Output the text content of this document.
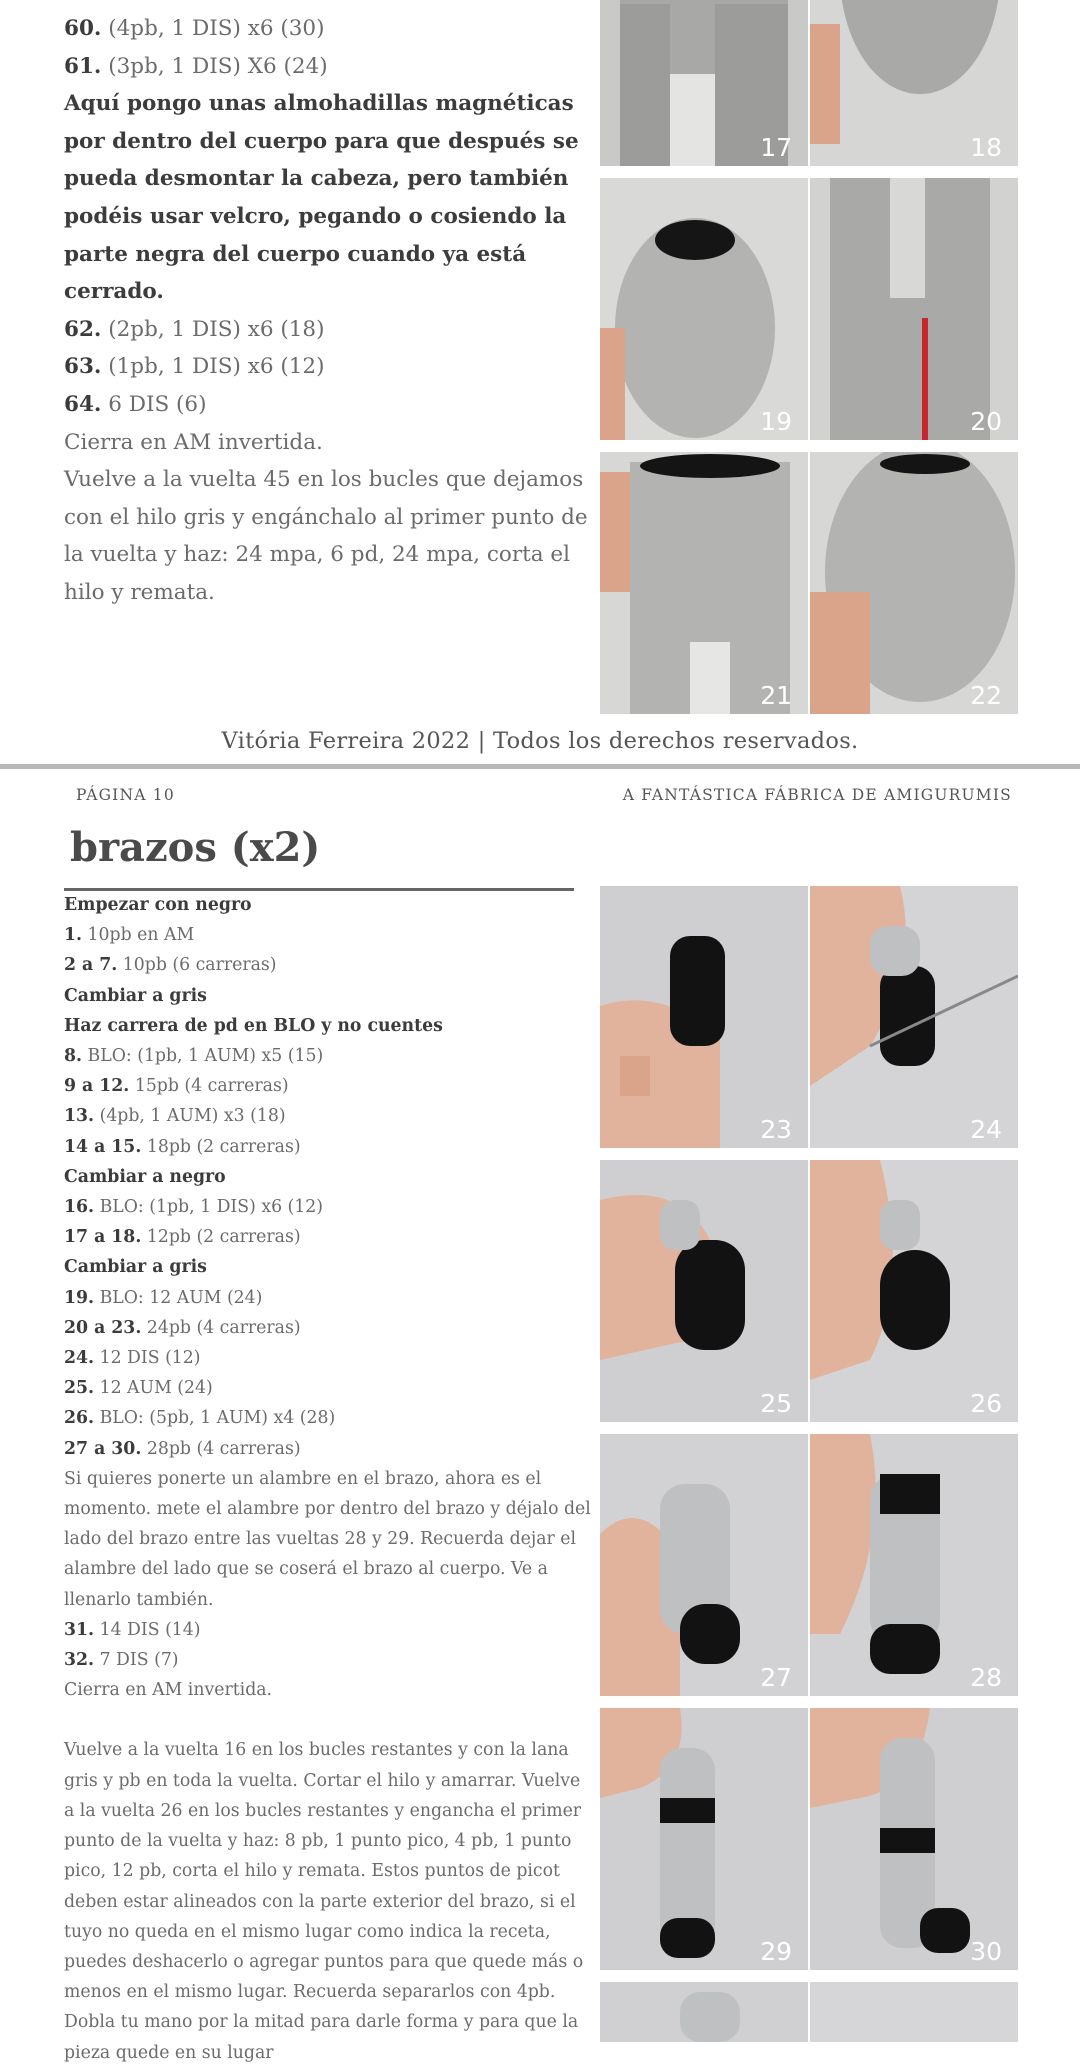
60. (4pb, 1 DIS) x6 (30)

61. (3pb, 1 DIS) X6 (24)

Aquí pongo unas almohadillas magnéticas por dentro del cuerpo para que después se pueda desmontar la cabeza, pero también podéis usar velcro, pegando o cosiendo la parte negra del cuerpo cuando ya está cerrado.

62. (2pb, 1 DIS) x6 (18)

63. (1pb, 1 DIS) x6 (12)

64. 6 DIS (6)

Cierra en AM invertida.

Vuelve a la vuelta 45 en los bucles que dejamos con el hilo gris y engánchalo al primer punto de la vuelta y haz: 24 mpa, 6 pd, 24 mpa, corta el hilo y remata.

17	18
19	20
21	22
Vitória Ferreira 2022 | Todos los derechos reservados.
PÁGINA 10	A FANTÁSTICA FÁBRICA DE AMIGURUMIS
brazos (x2)

Empezar con negro

1. 10pb en AM

2 a 7. 10pb (6 carreras)

Cambiar a gris

Haz carrera de pd en BLO y no cuentes

8. BLO: (1pb, 1 AUM) x5 (15)

9 a 12. 15pb (4 carreras)

13. (4pb, 1 AUM) x3 (18)

14 a 15. 18pb (2 carreras)

Cambiar a negro

16. BLO: (1pb, 1 DIS) x6 (12)

17 a 18. 12pb (2 carreras)

Cambiar a gris

19. BLO: 12 AUM (24)

20 a 23. 24pb (4 carreras)

24. 12 DIS (12)

25. 12 AUM (24)

26. BLO: (5pb, 1 AUM) x4 (28)

27 a 30. 28pb (4 carreras)

Si quieres ponerte un alambre en el brazo, ahora es el momento. mete el alambre por dentro del brazo y déjalo del lado del brazo entre las vueltas 28 y 29. Recuerda dejar el alambre del lado que se coserá el brazo al cuerpo. Ve a llenarlo también.

31. 14 DIS (14)

32. 7 DIS (7)

Cierra en AM invertida.

Vuelve a la vuelta 16 en los bucles restantes y con la lana gris y pb en toda la vuelta. Cortar el hilo y amarrar. Vuelve a la vuelta 26 en los bucles restantes y engancha el primer punto de la vuelta y haz: 8 pb, 1 punto pico, 4 pb, 1 punto pico, 12 pb, corta el hilo y remata. Estos puntos de picot deben estar alineados con la parte exterior del brazo, si el tuyo no queda en el mismo lugar como indica la receta, puedes deshacerlo o agregar puntos para que quede más o menos en el mismo lugar. Recuerda separarlos con 4pb. Dobla tu mano por la mitad para darle forma y para que la pieza quede en su lugar

23	24
25	26
27	28
29	30
